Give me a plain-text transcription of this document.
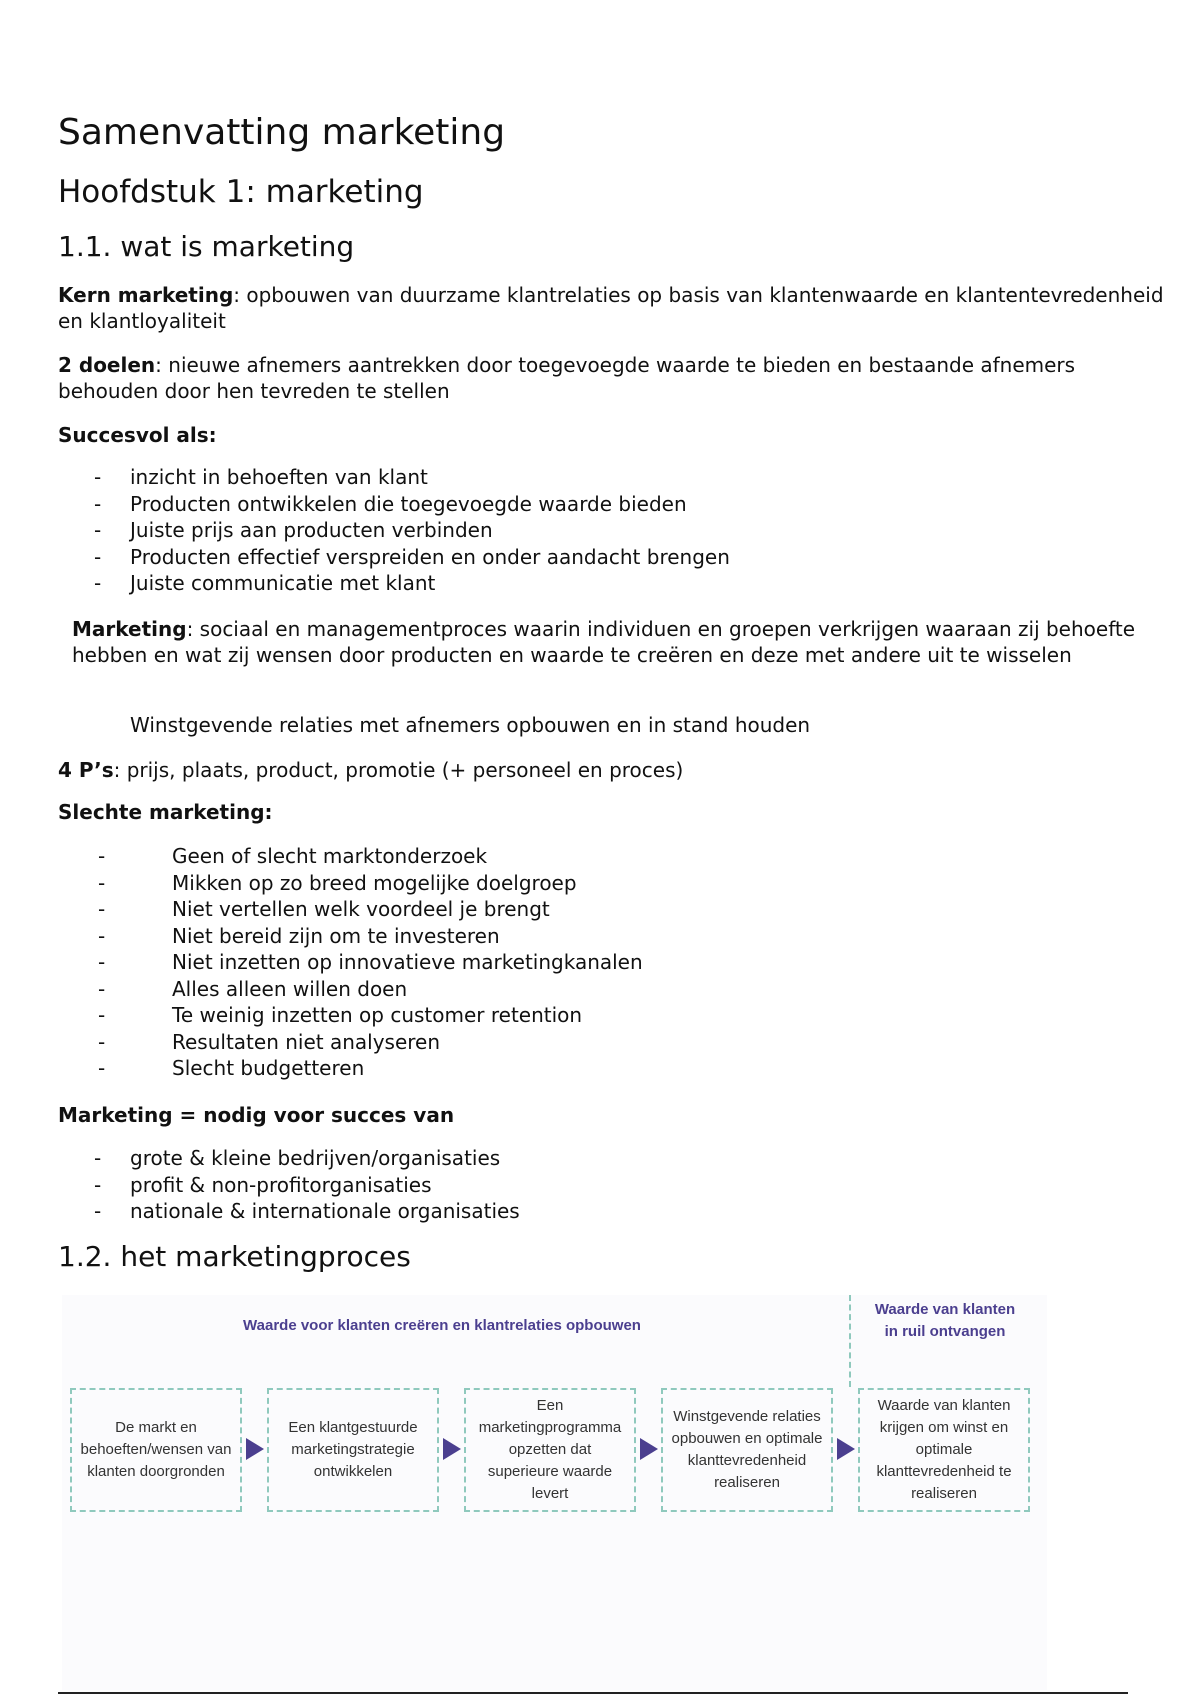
Samenvatting marketing
Hoofdstuk 1: marketing
1.1. wat is marketing

Kern marketing: opbouwen van duurzame klantrelaties op basis van klantenwaarde en klantentevredenheid en klantloyaliteit

2 doelen: nieuwe afnemers aantrekken door toegevoegde waarde te bieden en bestaande afnemers behouden door hen tevreden te stellen

Succesvol als:

- inzicht in behoeften van klant
- Producten ontwikkelen die toegevoegde waarde bieden
- Juiste prijs aan producten verbinden
- Producten effectief verspreiden en onder aandacht brengen
- Juiste communicatie met klant

Marketing: sociaal en managementproces waarin individuen en groepen verkrijgen waaraan zij behoefte hebben en wat zij wensen door producten en waarde te creëren en deze met andere uit te wisselen

Winstgevende relaties met afnemers opbouwen en in stand houden

4 P’s: prijs, plaats, product, promotie (+ personeel en proces)

Slechte marketing:

- Geen of slecht marktonderzoek
- Mikken op zo breed mogelijke doelgroep
- Niet vertellen welk voordeel je brengt
- Niet bereid zijn om te investeren
- Niet inzetten op innovatieve marketingkanalen
- Alles alleen willen doen
- Te weinig inzetten op customer retention
- Resultaten niet analyseren
- Slecht budgetteren

Marketing = nodig voor succes van

- grote & kleine bedrijven/organisaties
- profit & non-profitorganisaties
- nationale & internationale organisaties
1.2. het marketingproces
Waarde voor klanten creëren en klantrelaties opbouwen
Waarde van klanten in ruil ontvangen
De markt en behoeften/wensen van klanten doorgronden
Een klantgestuurde marketingstrategie ontwikkelen
Een marketingprogramma opzetten dat superieure waarde levert
Winstgevende relaties opbouwen en optimale klanttevredenheid realiseren
Waarde van klanten krijgen om winst en optimale klanttevredenheid te realiseren
